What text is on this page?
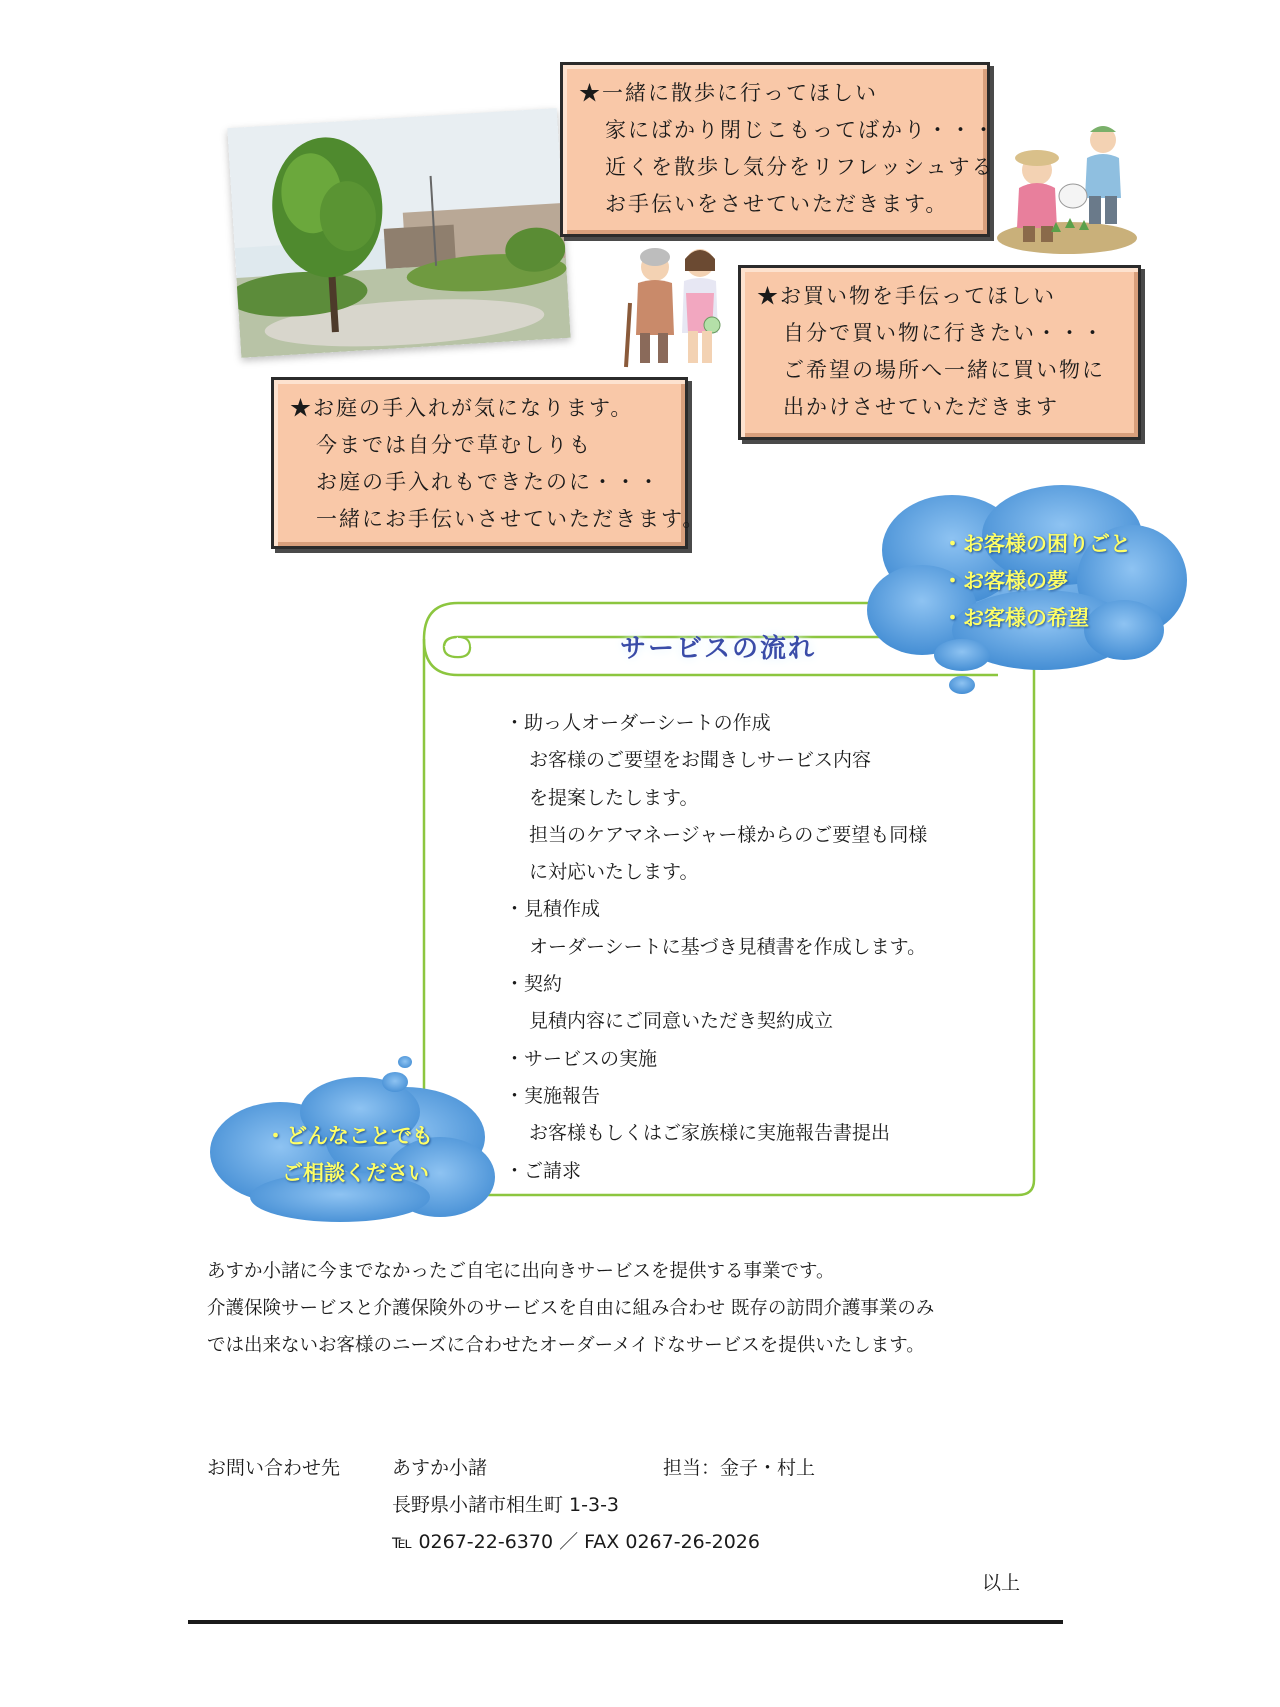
★一緒に散歩に行ってほしい
家にばかり閉じこもってばかり・・・
近くを散歩し気分をリフレッシュする
お手伝いをさせていただきます。
★お買い物を手伝ってほしい
自分で買い物に行きたい・・・
ご希望の場所へ一緒に買い物に
出かけさせていただきます
★お庭の手入れが気になります。
今までは自分で草むしりも
お庭の手入れもできたのに・・・
一緒にお手伝いさせていただきます。
サービスの流れ
・お客様の困りごと
・お客様の夢
・お客様の希望
・どんなことでも
ご相談ください
・助っ人オーダーシートの作成
お客様のご要望をお聞きしサービス内容
を提案したします。
担当のケアマネージャー様からのご要望も同様
に対応いたします。
・見積作成
オーダーシートに基づき見積書を作成します。
・契約
見積内容にご同意いただき契約成立
・サービスの実施
・実施報告
お客様もしくはご家族様に実施報告書提出
・ご請求
あすか小諸に今までなかったご自宅に出向きサービスを提供する事業です。
介護保険サービスと介護保険外のサービスを自由に組み合わせ 既存の訪問介護事業のみ
では出来ないお客様のニーズに合わせたオーダーメイドなサービスを提供いたします。
お問い合わせ先	あすか小諸	担当：金子・村上
長野県小諸市相生町 1-3-3
℡ 0267-22-6370 ／ FAX 0267-26-2026
以上
